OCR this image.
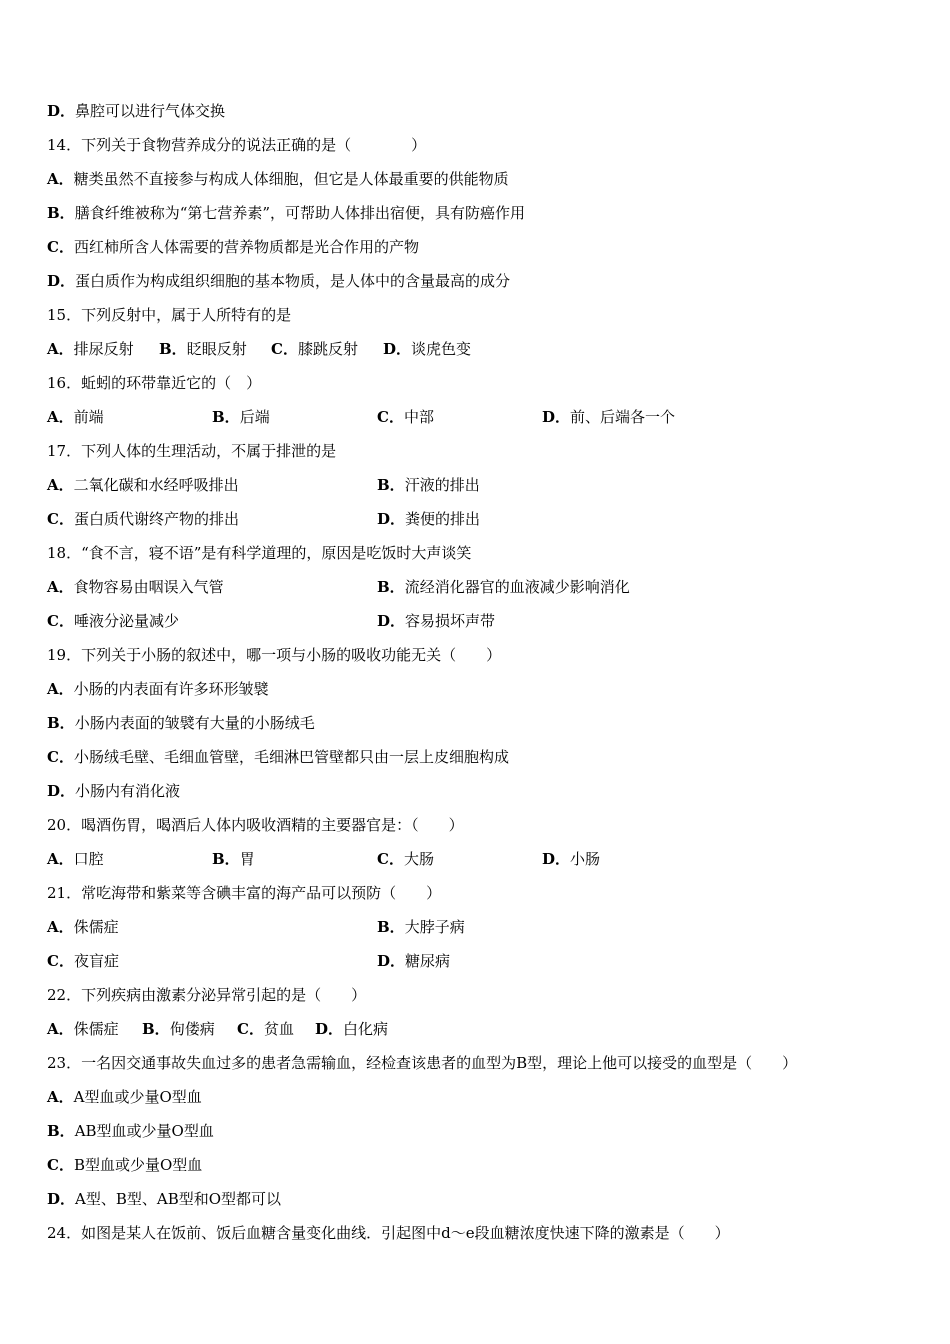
D．鼻腔可以进行气体交换
14．下列关于食物营养成分的说法正确的是（　　　　）
A．糖类虽然不直接参与构成人体细胞，但它是人体最重要的供能物质
B．膳食纤维被称为“第七营养素”，可帮助人体排出宿便，具有防癌作用
C．西红柿所含人体需要的营养物质都是光合作用的产物
D．蛋白质作为构成组织细胞的基本物质，是人体中的含量最高的成分
15．下列反射中，属于人所特有的是
A．排尿反射 B．眨眼反射 C．膝跳反射 D．谈虎色变
16．蚯蚓的环带靠近它的（　）
A．前端	B．后端	C．中部	D．前、后端各一个
17．下列人体的生理活动，不属于排泄的是
A．二氧化碳和水经呼吸排出	B．汗液的排出
C．蛋白质代谢终产物的排出	D．粪便的排出
18．“食不言，寝不语”是有科学道理的，原因是吃饭时大声谈笑
A．食物容易由咽误入气管	B．流经消化器官的血液减少影响消化
C．唾液分泌量减少	D．容易损坏声带
19．下列关于小肠的叙述中，哪一项与小肠的吸收功能无关（　　）
A．小肠的内表面有许多环形皱襞
B．小肠内表面的皱襞有大量的小肠绒毛
C．小肠绒毛壁、毛细血管壁，毛细淋巴管壁都只由一层上皮细胞构成
D．小肠内有消化液
20．喝酒伤胃，喝酒后人体内吸收酒精的主要器官是：（　　）
A．口腔	B．胃	C．大肠	D．小肠
21．常吃海带和紫菜等含碘丰富的海产品可以预防（　　）
A．侏儒症	B．大脖子病
C．夜盲症	D．糖尿病
22．下列疾病由激素分泌异常引起的是（　　）
A．侏儒症 B．佝偻病 C．贫血 D．白化病
23．一名因交通事故失血过多的患者急需输血，经检查该患者的血型为B型，理论上他可以接受的血型是（　　）
A．A型血或少量O型血
B．AB型血或少量O型血
C．B型血或少量O型血
D．A型、B型、AB型和O型都可以
24．如图是某人在饭前、饭后血糖含量变化曲线．引起图中d～e段血糖浓度快速下降的激素是（　　）
